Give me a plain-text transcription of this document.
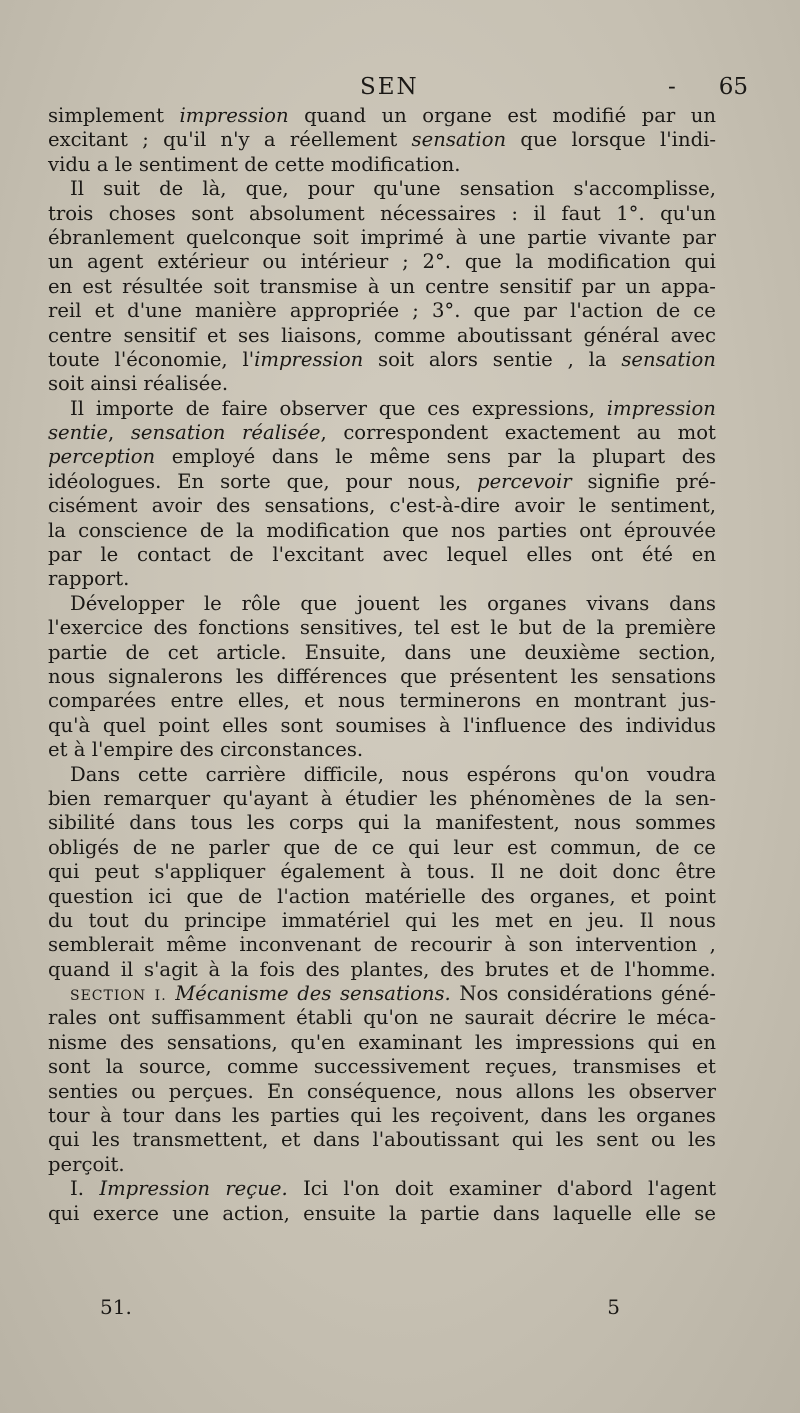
SEN	- 65
simplement impression quand un organe est modifié par un
excitant ; qu'il n'y a réellement sensation que lorsque l'indi-
vidu a le sentiment de cette modification.
Il suit de là, que, pour qu'une sensation s'accomplisse,
trois choses sont absolument nécessaires : il faut 1°. qu'un
ébranlement quelconque soit imprimé à une partie vivante par
un agent extérieur ou intérieur ; 2°. que la modification qui
en est résultée soit transmise à un centre sensitif par un appa-
reil et d'une manière appropriée ; 3°. que par l'action de ce
centre sensitif et ses liaisons, comme aboutissant général avec
toute l'économie, l'impression soit alors sentie , la sensation
soit ainsi réalisée.
Il importe de faire observer que ces expressions, impression
sentie, sensation réalisée, correspondent exactement au mot
perception employé dans le même sens par la plupart des
idéologues. En sorte que, pour nous, percevoir signifie pré-
cisément avoir des sensations, c'est-à-dire avoir le sentiment,
la conscience de la modification que nos parties ont éprouvée
par le contact de l'excitant avec lequel elles ont été en
rapport.
Développer le rôle que jouent les organes vivans dans
l'exercice des fonctions sensitives, tel est le but de la première
partie de cet article. Ensuite, dans une deuxième section,
nous signalerons les différences que présentent les sensations
comparées entre elles, et nous terminerons en montrant jus-
qu'à quel point elles sont soumises à l'influence des individus
et à l'empire des circonstances.
Dans cette carrière difficile, nous espérons qu'on voudra
bien remarquer qu'ayant à étudier les phénomènes de la sen-
sibilité dans tous les corps qui la manifestent, nous sommes
obligés de ne parler que de ce qui leur est commun, de ce
qui peut s'appliquer également à tous. Il ne doit donc être
question ici que de l'action matérielle des organes, et point
du tout du principe immatériel qui les met en jeu. Il nous
semblerait même inconvenant de recourir à son intervention ,
quand il s'agit à la fois des plantes, des brutes et de l'homme.
SECTION I. Mécanisme des sensations. Nos considérations géné-
rales ont suffisamment établi qu'on ne saurait décrire le méca-
nisme des sensations, qu'en examinant les impressions qui en
sont la source, comme successivement reçues, transmises et
senties ou perçues. En conséquence, nous allons les observer
tour à tour dans les parties qui les reçoivent, dans les organes
qui les transmettent, et dans l'aboutissant qui les sent ou les
perçoit.
I. Impression reçue. Ici l'on doit examiner d'abord l'agent
qui exerce une action, ensuite la partie dans laquelle elle se
51.	5
